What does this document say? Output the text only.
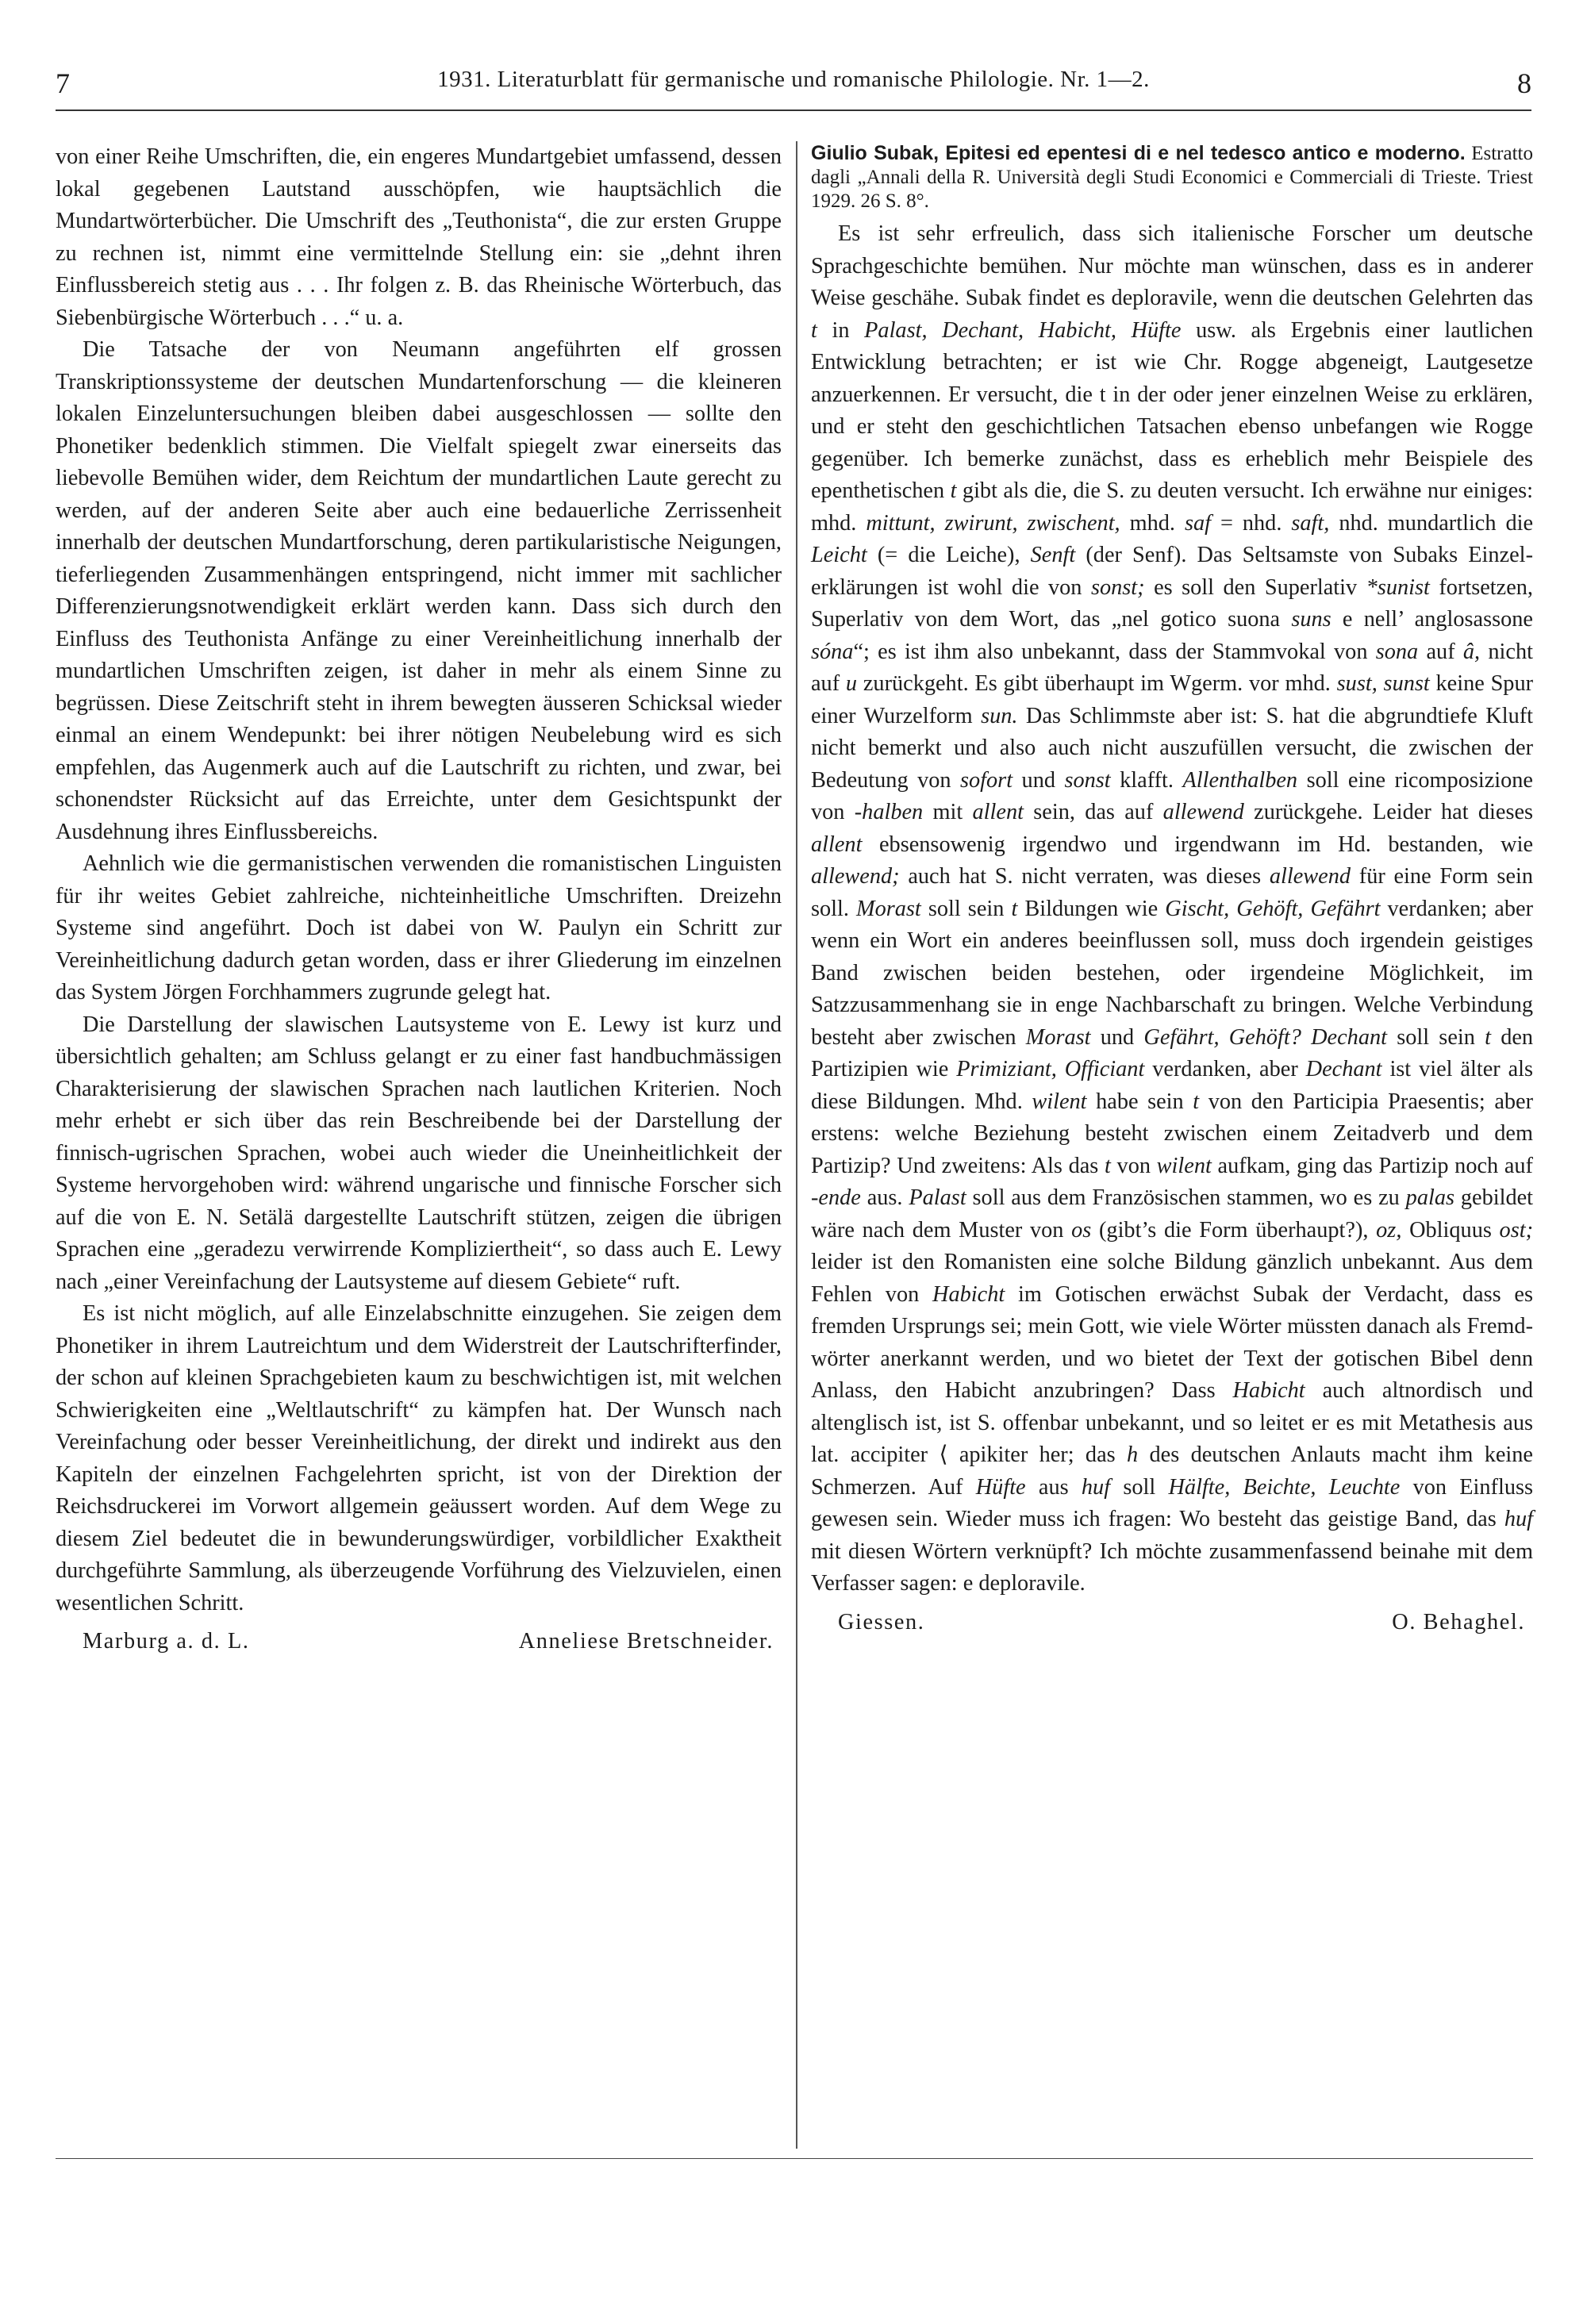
7	1931. Literaturblatt für germanische und romanische Philologie. Nr. 1—2.	8

von einer Reihe Umschriften, die, ein engeres Mundartgebiet umfassend, dessen lokal gegebenen Lautstand ausschöpfen, wie hauptsächlich die Mundartwörterbücher. Die Umschrift des „Teuthonista“, die zur ersten Gruppe zu rechnen ist, nimmt eine vermittelnde Stellung ein: sie „dehnt ihren Einflussbereich stetig aus . . . Ihr folgen z. B. das Rheinische Wörterbuch, das Siebenbürgische Wörterbuch . . .“ u. a.

Die Tatsache der von Neumann angeführten elf grossen Transkriptionssysteme der deutschen Mundartenforschung — die kleineren lokalen Einzeluntersuchungen bleiben dabei ausgeschlossen — sollte den Phonetiker bedenklich stimmen. Die Vielfalt spiegelt zwar einerseits das liebevolle Bemühen wider, dem Reichtum der mundartlichen Laute gerecht zu werden, auf der anderen Seite aber auch eine bedauerliche Zerrissenheit innerhalb der deutschen Mundartforschung, deren partikularistische Neigungen, tieferliegenden Zusammenhängen entspringend, nicht immer mit sachlicher Differenzierungsnotwendigkeit erklärt werden kann. Dass sich durch den Einfluss des Teuthonista Anfänge zu einer Vereinheitlichung innerhalb der mundartlichen Umschriften zeigen, ist daher in mehr als einem Sinne zu begrüssen. Diese Zeitschrift steht in ihrem bewegten äusseren Schicksal wieder einmal an einem Wendepunkt: bei ihrer nötigen Neubelebung wird es sich empfehlen, das Augenmerk auch auf die Lautschrift zu richten, und zwar, bei schonendster Rücksicht auf das Erreichte, unter dem Gesichtspunkt der Ausdehnung ihres Einflussbereichs.

Aehnlich wie die germanistischen verwenden die romanistischen Linguisten für ihr weites Gebiet zahlreiche, nichteinheitliche Umschriften. Dreizehn Systeme sind angeführt. Doch ist dabei von W. Paulyn ein Schritt zur Vereinheitlichung dadurch getan worden, dass er ihrer Gliederung im einzelnen das System Jörgen Forchhammers zugrunde gelegt hat.

Die Darstellung der slawischen Lautsysteme von E. Lewy ist kurz und übersichtlich gehalten; am Schluss gelangt er zu einer fast handbuchmässigen Charakterisierung der slawischen Sprachen nach lautlichen Kriterien. Noch mehr erhebt er sich über das rein Beschreibende bei der Darstellung der finnisch-ugrischen Sprachen, wobei auch wieder die Uneinheitlichkeit der Systeme hervorgehoben wird: während ungarische und finnische Forscher sich auf die von E. N. Setälä dargestellte Lautschrift stützen, zeigen die übrigen Sprachen eine „geradezu verwirrende Kompliziertheit“, so dass auch E. Lewy nach „einer Vereinfachung der Lautsysteme auf diesem Gebiete“ ruft.

Es ist nicht möglich, auf alle Einzelabschnitte einzugehen. Sie zeigen dem Phonetiker in ihrem Lautreichtum und dem Widerstreit der Lautschrifterfinder, der schon auf kleinen Sprachgebieten kaum zu beschwichtigen ist, mit welchen Schwierigkeiten eine „Weltlautschrift“ zu kämpfen hat. Der Wunsch nach Vereinfachung oder besser Vereinheitlichung, der direkt und indirekt aus den Kapiteln der einzelnen Fachgelehrten spricht, ist von der Direktion der Reichsdruckerei im Vorwort allgemein geäussert worden. Auf dem Wege zu diesem Ziel bedeutet die in bewunderungswürdiger, vorbildlicher Exaktheit durchgeführte Sammlung, als überzeugende Vorführung des Vielzuvielen, einen wesentlichen Schritt.

Marburg a. d. L.	Anneliese Bretschneider.

Giulio Subak, Epitesi ed epentesi di e nel tedesco antico e moderno. Estratto dagli „Annali della R. Università degli Studi Economici e Commerciali di Trieste. Triest 1929. 26 S. 8°.

Es ist sehr erfreulich, dass sich italienische Forscher um deutsche Sprachgeschichte bemühen. Nur möchte man wünschen, dass es in anderer Weise geschähe. Subak findet es deploravile, wenn die deutschen Gelehrten das t in Palast, Dechant, Habicht, Hüfte usw. als Ergebnis einer lautlichen Entwicklung betrachten; er ist wie Chr. Rogge abgeneigt, Lautgesetze anzuerkennen. Er versucht, die t in der oder jener einzelnen Weise zu erklären, und er steht den geschichtlichen Tatsachen ebenso unbefangen wie Rogge gegenüber. Ich bemerke zunächst, dass es erheblich mehr Beispiele des epenthetischen t gibt als die, die S. zu deuten versucht. Ich erwähne nur einiges: mhd. mittunt, zwirunt, zwischent, mhd. saf = nhd. saft, nhd. mundartlich die Leicht (= die Leiche), Senft (der Senf). Das Seltsamste von Subaks Einzelerklärungen ist wohl die von sonst; es soll den Superlativ *sunist fortsetzen, Superlativ von dem Wort, das „nel gotico suona suns e nell’ anglosassone sóna“; es ist ihm also unbekannt, dass der Stammvokal von sona auf â, nicht auf u zurückgeht. Es gibt überhaupt im Wgerm. vor mhd. sust, sunst keine Spur einer Wurzelform sun. Das Schlimmste aber ist: S. hat die abgrundtiefe Kluft nicht bemerkt und also auch nicht auszufüllen versucht, die zwischen der Bedeutung von sofort und sonst klafft. Allenthalben soll eine ricomposizione von -halben mit allent sein, das auf allewend zurückgehe. Leider hat dieses allent ebsensowenig irgendwo und irgendwann im Hd. bestanden, wie allewend; auch hat S. nicht verraten, was dieses allewend für eine Form sein soll. Morast soll sein t Bildungen wie Gischt, Gehöft, Gefährt verdanken; aber wenn ein Wort ein anderes beeinflussen soll, muss doch irgendein geistiges Band zwischen beiden bestehen, oder irgendeine Möglichkeit, im Satzzusammenhang sie in enge Nachbarschaft zu bringen. Welche Verbindung besteht aber zwischen Morast und Gefährt, Gehöft? Dechant soll sein t den Partizipien wie Primiziant, Officiant verdanken, aber Dechant ist viel älter als diese Bildungen. Mhd. wilent habe sein t von den Participia Praesentis; aber erstens: welche Beziehung besteht zwischen einem Zeitadverb und dem Partizip? Und zweitens: Als das t von wilent aufkam, ging das Partizip noch auf -ende aus. Palast soll aus dem Französischen stammen, wo es zu palas gebildet wäre nach dem Muster von os (gibt’s die Form überhaupt?), oz, Obliquus ost; leider ist den Romanisten eine solche Bildung gänzlich unbekannt. Aus dem Fehlen von Habicht im Gotischen erwächst Subak der Verdacht, dass es fremden Ursprungs sei; mein Gott, wie viele Wörter müssten danach als Fremdwörter anerkannt werden, und wo bietet der Text der gotischen Bibel denn Anlass, den Habicht anzubringen? Dass Habicht auch altnordisch und altenglisch ist, ist S. offenbar unbekannt, und so leitet er es mit Metathesis aus lat. accipiter ⟨ apikiter her; das h des deutschen Anlauts macht ihm keine Schmerzen. Auf Hüfte aus huf soll Hälfte, Beichte, Leuchte von Einfluss gewesen sein. Wieder muss ich fragen: Wo besteht das geistige Band, das huf mit diesen Wörtern verknüpft? Ich möchte zusammenfassend beinahe mit dem Verfasser sagen: e deploravile.

Giessen.	O. Behaghel.
